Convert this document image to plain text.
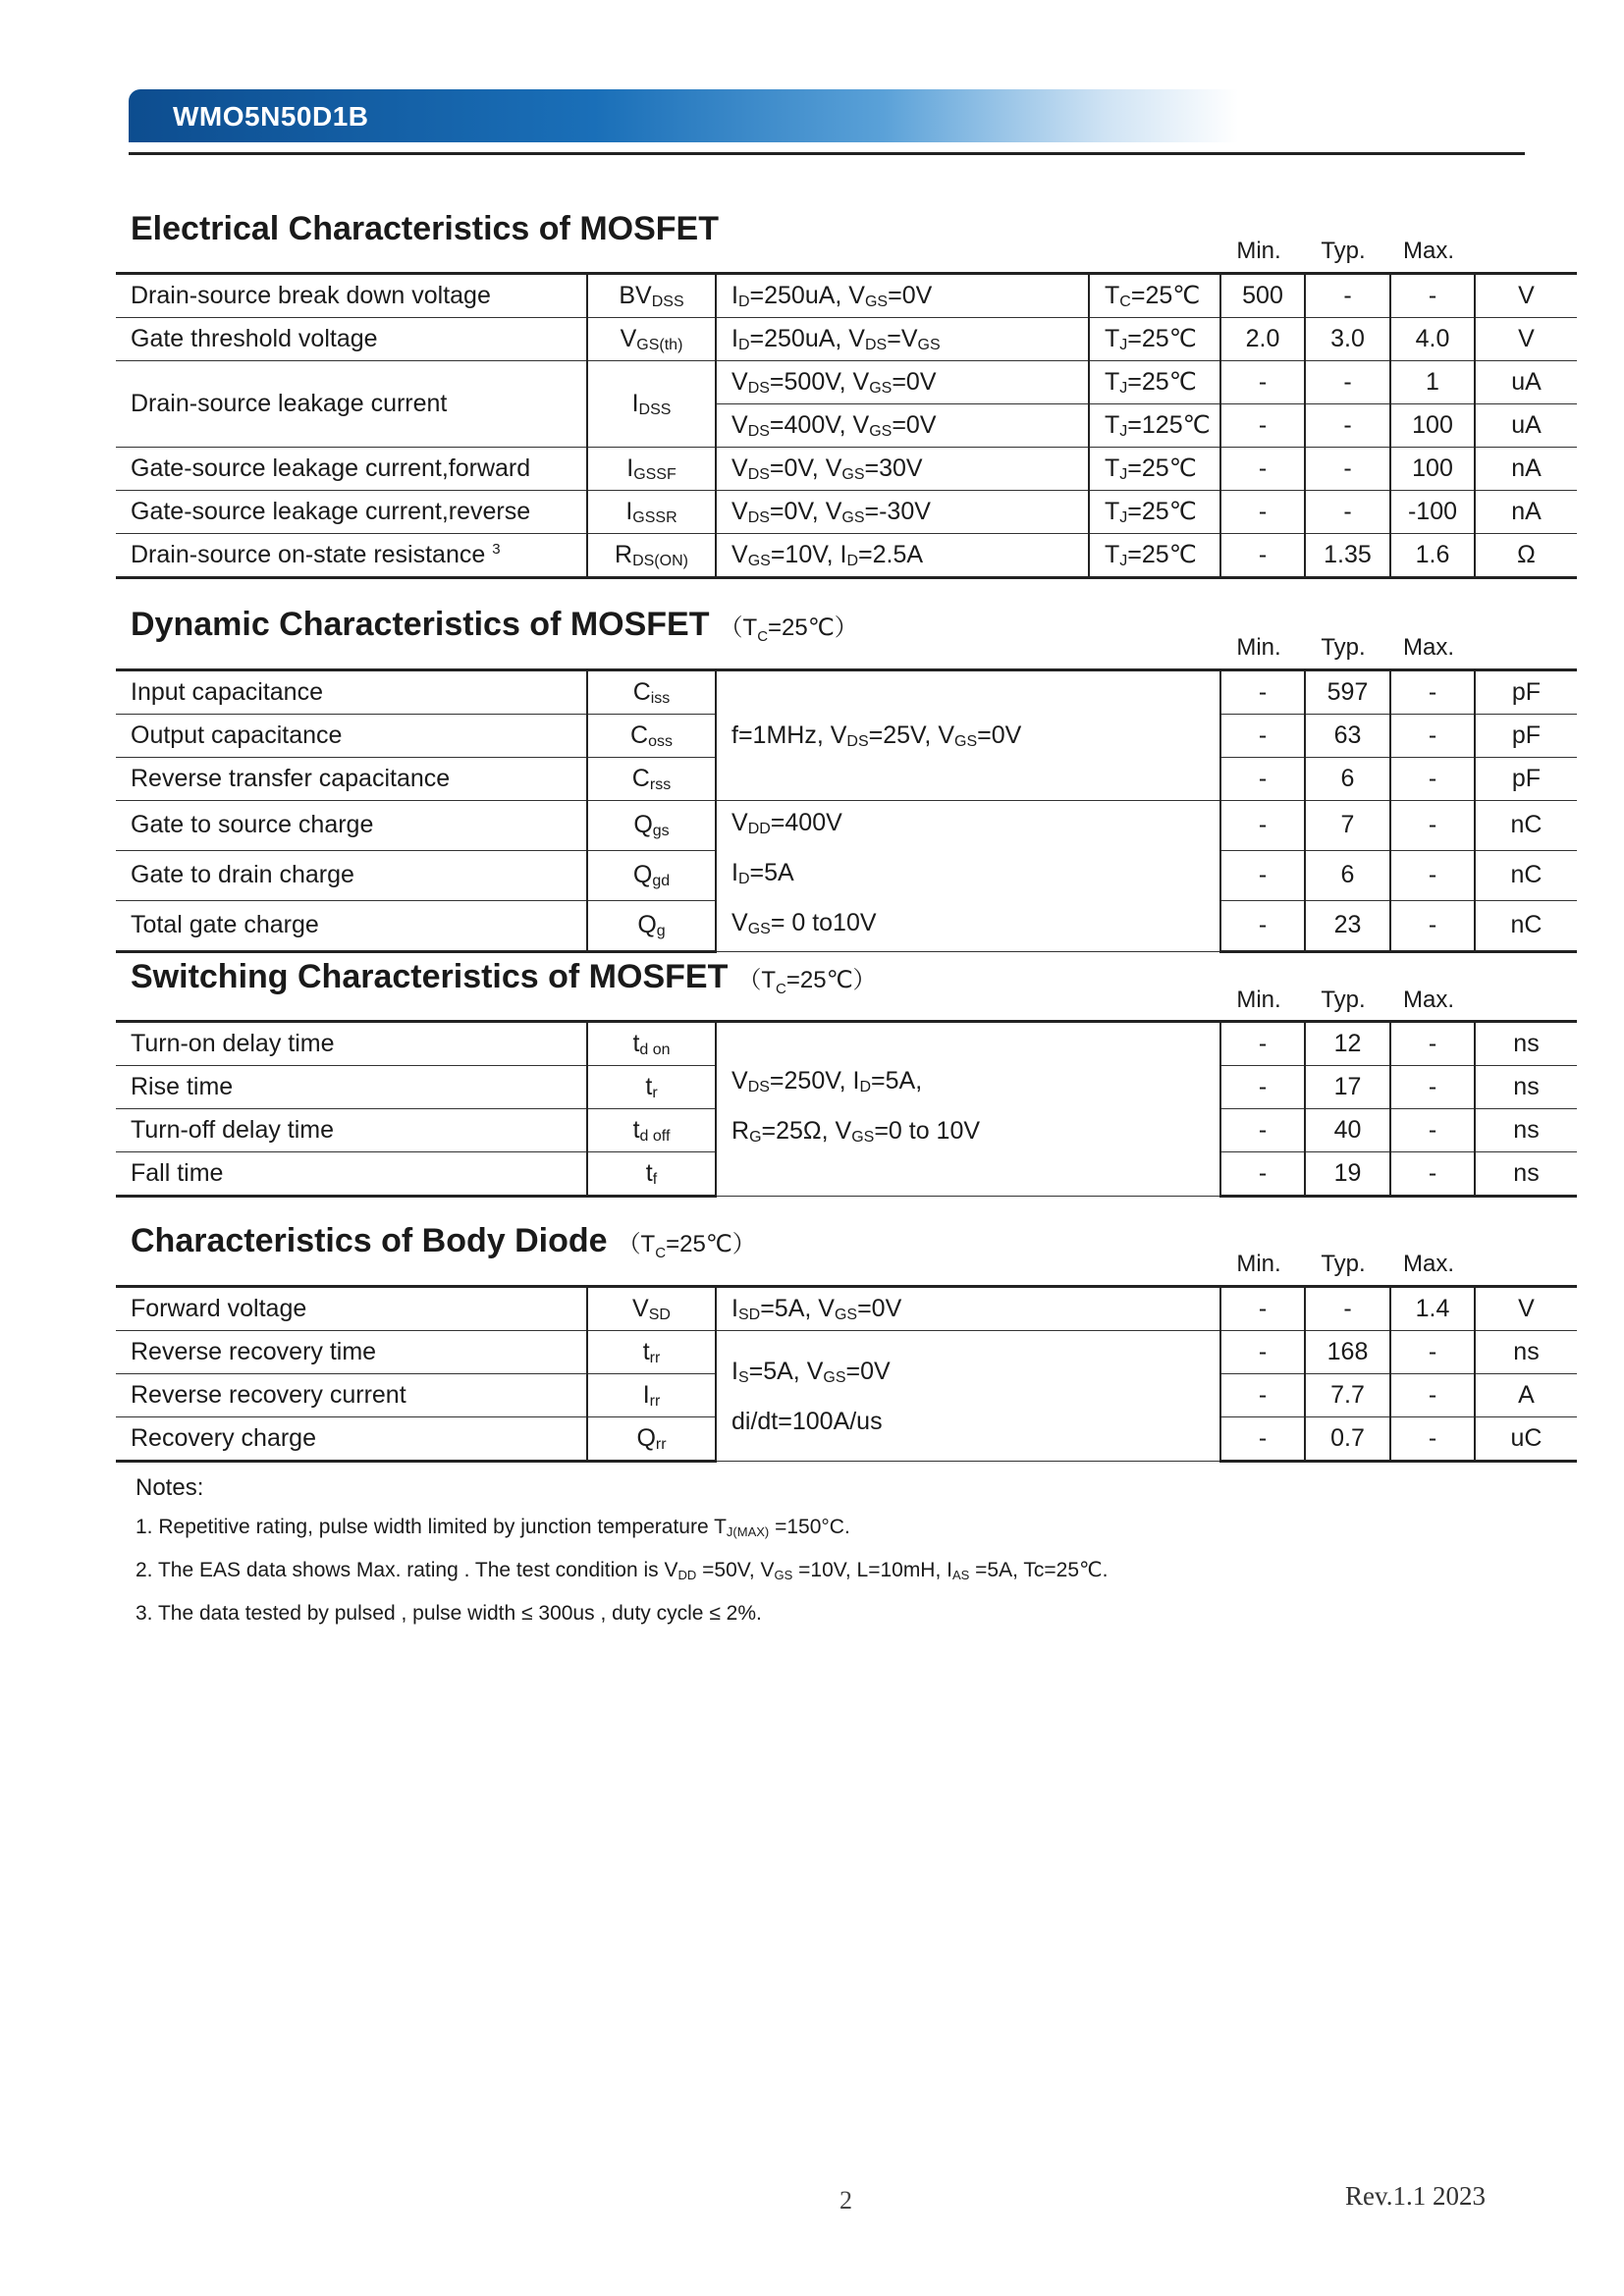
WMO5N50D1B
Electrical Characteristics of MOSFET
Min.	Typ.	Max.
Drain-source break down voltage	$BV_{DSS}$	$I_D=250uA$, $V_{GS}=0V$	$T_C=25℃$	500	-	-	V
Gate threshold voltage	$V_{GS(th)}$	$I_D=250uA$, $V_{DS}=V_{GS}$	$T_J=25℃$	2.0	3.0	4.0	V
Drain-source leakage current	$I_{DSS}$	$V_{DS}=500V$, $V_{GS}=0V$	$T_J=25℃$	-	-	1	uA
		$V_{DS}=400V$, $V_{GS}=0V$	$T_J=125℃$	-	-	100	uA
Gate-source leakage current,forward	$I_{GSSF}$	$V_{DS}=0V$, $V_{GS}=30V$	$T_J=25℃$	-	-	100	nA
Gate-source leakage current,reverse	$I_{GSSR}$	$V_{DS}=0V$, $V_{GS}=-30V$	$T_J=25℃$	-	-	-100	nA
Drain-source on-state resistance $^3$	$R_{DS(ON)}$	$V_{GS}=10V$, $I_D=2.5A$	$T_J=25℃$	-	1.35	1.6	Ω
Dynamic Characteristics of MOSFET $(T_C=25℃)$
Min.	Typ.	Max.
Input capacitance	$C_{iss}$	f=1MHz, $V_{DS}=25V$, $V_{GS}=0V$	-	597	-	pF
Output capacitance	$C_{oss}$		-	63	-	pF
Reverse transfer capacitance	$C_{rss}$		-	6	-	pF
Gate to source charge	$Q_{gs}$	$V_{DD}=400V$
$I_D=5A$
$V_{GS}= 0$ to10V	-	7	-	nC
Gate to drain charge	$Q_{gd}$		-	6	-	nC
Total gate charge	$Q_g$		-	23	-	nC
Switching Characteristics of MOSFET $(T_C=25℃)$
Min.	Typ.	Max.
Turn-on delay time	$t_{d on}$	$V_{DS}=250V$, $I_D=5A$,
$R_G=25\Omega$, $V_{GS}=0$ to 10V	-	12	-	ns
Rise time	$t_r$		-	17	-	ns
Turn-off delay time	$t_{d off}$		-	40	-	ns
Fall time	$t_f$		-	19	-	ns
Characteristics of Body Diode $(T_C=25℃)$
Min.	Typ.	Max.
Forward voltage	$V_{SD}$	$I_{SD}=5A$, $V_{GS}=0V$	-	-	1.4	V
Reverse recovery time	$t_{rr}$	$I_S=5A$, $V_{GS}=0V$
di/dt=100A/us	-	168	-	ns
Reverse recovery current	$I_{rr}$		-	7.7	-	A
Recovery charge	$Q_{rr}$		-	0.7	-	uC
Notes:
1. Repetitive rating, pulse width limited by junction temperature $T_{J(MAX)} =150^\circ C$.
2. The EAS data shows Max. rating . The test condition is $V_{DD} =50V$, $V_{GS} =10V$, L=10mH, $I_{AS} =5A$, Tc=25℃.
3. The data tested by pulsed , pulse width ≤ 300us , duty cycle ≤ 2%.
2	Rev.1.1 2023
